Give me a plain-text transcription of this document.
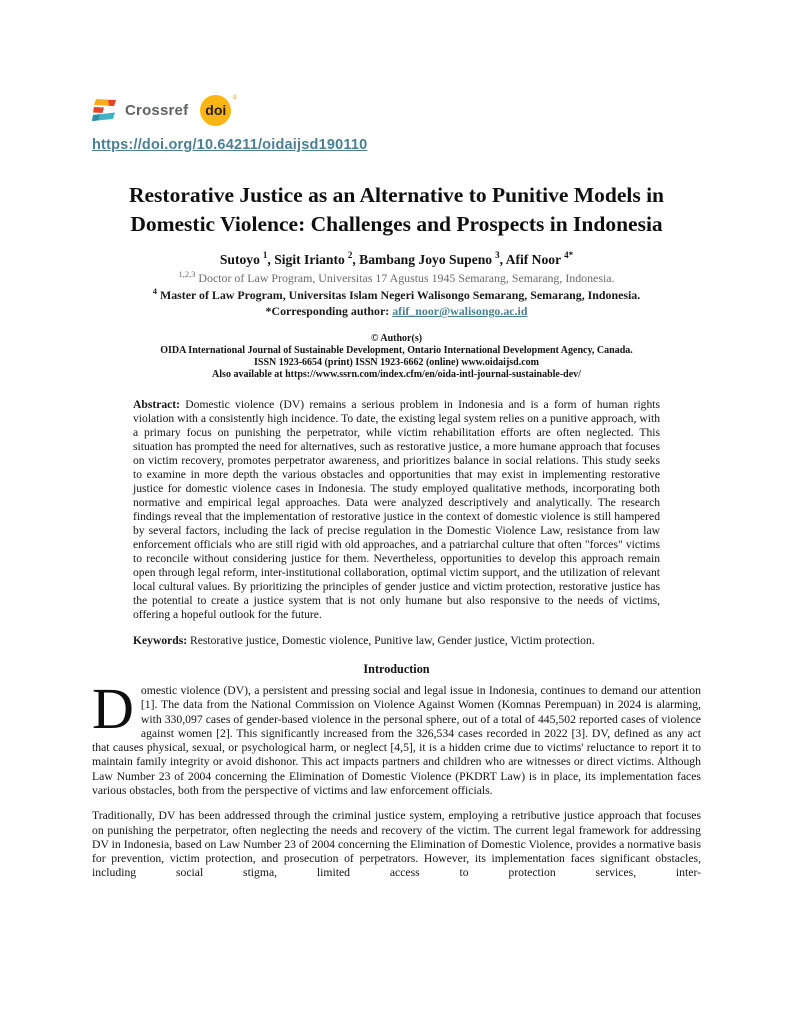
Crossref doi
®
https://doi.org/10.64211/oidaijsd190110
Restorative Justice as an Alternative to Punitive Models in
Domestic Violence: Challenges and Prospects in Indonesia
Sutoyo $^1$, Sigit Irianto $^2$, Bambang Joyo Supeno $^3$, Afif Noor $^{4*}$
$^{1,2,3}$ Doctor of Law Program, Universitas 17 Agustus 1945 Semarang, Semarang, Indonesia.
$^4$ Master of Law Program, Universitas Islam Negeri Walisongo Semarang, Semarang, Indonesia.
*Corresponding author: afif_noor@walisongo.ac.id
© Author(s)
OIDA International Journal of Sustainable Development, Ontario International Development Agency, Canada.
ISSN 1923-6654 (print) ISSN 1923-6662 (online) www.oidaijsd.com
Also available at https://www.ssrn.com/index.cfm/en/oida-intl-journal-sustainable-dev/

Abstract: Domestic violence (DV) remains a serious problem in Indonesia and is a form of human rights violation with a consistently high incidence. To date, the existing legal system relies on a punitive approach, with a primary focus on punishing the perpetrator, while victim rehabilitation efforts are often neglected. This situation has prompted the need for alternatives, such as restorative justice, a more humane approach that focuses on victim recovery, promotes perpetrator awareness, and prioritizes balance in social relations. This study seeks to examine in more depth the various obstacles and opportunities that may exist in implementing restorative justice for domestic violence cases in Indonesia. The study employed qualitative methods, incorporating both normative and empirical legal approaches. Data were analyzed descriptively and analytically. The research findings reveal that the implementation of restorative justice in the context of domestic violence is still hampered by several factors, including the lack of precise regulation in the Domestic Violence Law, resistance from law enforcement officials who are still rigid with old approaches, and a patriarchal culture that often "forces" victims to reconcile without considering justice for them. Nevertheless, opportunities to develop this approach remain open through legal reform, inter-institutional collaboration, optimal victim support, and the utilization of relevant local cultural values. By prioritizing the principles of gender justice and victim protection, restorative justice has the potential to create a justice system that is not only humane but also responsive to the needs of victims, offering a hopeful outlook for the future.

Keywords: Restorative justice, Domestic violence, Punitive law, Gender justice, Victim protection.

Introduction

Domestic violence (DV), a persistent and pressing social and legal issue in Indonesia, continues to demand our attention [1]. The data from the National Commission on Violence Against Women (Komnas Perempuan) in 2024 is alarming, with 330,097 cases of gender-based violence in the personal sphere, out of a total of 445,502 reported cases of violence against women [2]. This significantly increased from the 326,534 cases recorded in 2022 [3]. DV, defined as any act that causes physical, sexual, or psychological harm, or neglect [4,5], it is a hidden crime due to victims' reluctance to report it to maintain family integrity or avoid dishonor. This act impacts partners and children who are witnesses or direct victims. Although Law Number 23 of 2004 concerning the Elimination of Domestic Violence (PKDRT Law) is in place, its implementation faces various obstacles, both from the perspective of victims and law enforcement officials.

Traditionally, DV has been addressed through the criminal justice system, employing a retributive justice approach that focuses on punishing the perpetrator, often neglecting the needs and recovery of the victim. The current legal framework for addressing DV in Indonesia, based on Law Number 23 of 2004 concerning the Elimination of Domestic Violence, provides a normative basis for prevention, victim protection, and prosecution of perpetrators. However, its implementation faces significant obstacles, including social stigma, limited access to protection services, inter-
